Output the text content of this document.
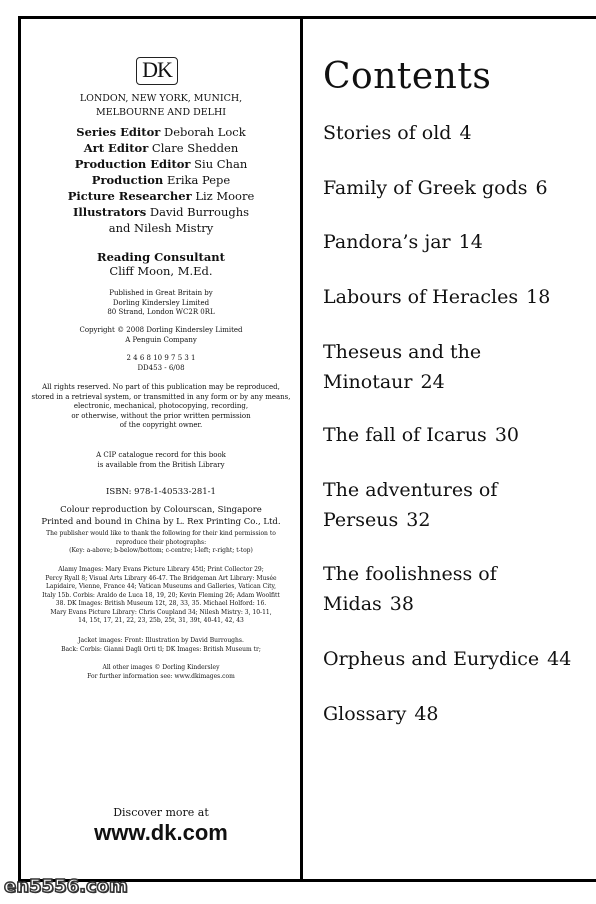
DK
LONDON, NEW YORK, MUNICH,
MELBOURNE AND DELHI
Series Editor Deborah Lock
Art Editor Clare Shedden
Production Editor Siu Chan
Production Erika Pepe
Picture Researcher Liz Moore
Illustrators David Burroughs
and Nilesh Mistry
Reading Consultant
Cliff Moon, M.Ed.
Published in Great Britain by
Dorling Kindersley Limited
80 Strand, London WC2R 0RL
Copyright © 2008 Dorling Kindersley Limited
A Penguin Company
2 4 6 8 10 9 7 5 3 1
DD453 - 6/08
All rights reserved. No part of this publication may be reproduced,
stored in a retrieval system, or transmitted in any form or by any means,
electronic, mechanical, photocopying, recording,
or otherwise, without the prior written permission
of the copyright owner.
A CIP catalogue record for this book
is available from the British Library
ISBN: 978-1-40533-281-1
Colour reproduction by Colourscan, Singapore
Printed and bound in China by L. Rex Printing Co., Ltd.
The publisher would like to thank the following for their kind permission to
reproduce their photographs:
(Key: a-above; b-below/bottom; c-centre; l-left; r-right; t-top)
Alamy Images: Mary Evans Picture Library 45tl; Print Collector 29;
Percy Ryall 8; Visual Arts Library 46-47. The Bridgeman Art Library: Musée
Lapidaire, Vienne, France 44; Vatican Museums and Galleries, Vatican City,
Italy 15b. Corbis: Araldo de Luca 18, 19, 20; Kevin Fleming 26; Adam Woolfitt
38. DK Images: British Museum 12t, 28, 33, 35. Michael Holford: 16.
Mary Evans Picture Library: Chris Coupland 34; Nilesh Mistry: 3, 10-11,
14, 15t, 17, 21, 22, 23, 25b, 25t, 31, 39t, 40-41, 42, 43
Jacket images: Front: Illustration by David Burroughs.
Back: Corbis: Gianni Dagli Orti tl; DK Images: British Museum tr;
All other images © Dorling Kindersley
For further information see: www.dkimages.com
Discover more at
www.dk.com
Contents
Stories of old 4
Family of Greek gods 6
Pandora’s jar 14
Labours of Heracles 18
Theseus and the
Minotaur 24
The fall of Icarus 30
The adventures of
Perseus 32
The foolishness of
Midas 38
Orpheus and Eurydice 44
Glossary 48
en5556.com
